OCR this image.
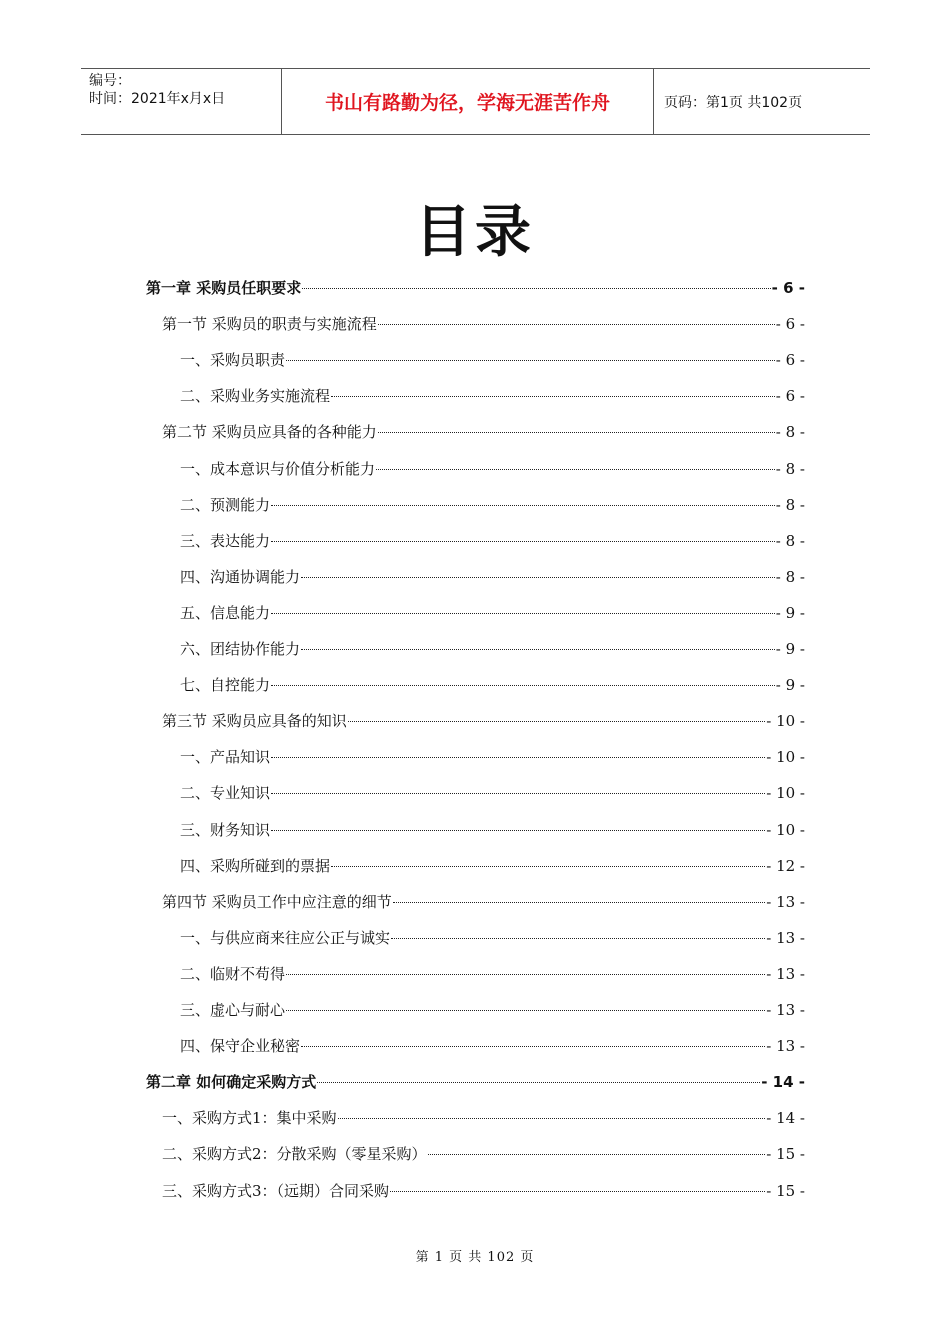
编号：
时间：2021年x月x日	书山有路勤为径，学海无涯苦作舟	页码：第1页 共102页
目录
第一章 采购员任职要求	- 6 -
第一节 采购员的职责与实施流程	- 6 -
一、采购员职责	- 6 -
二、采购业务实施流程	- 6 -
第二节 采购员应具备的各种能力	- 8 -
一、成本意识与价值分析能力	- 8 -
二、预测能力	- 8 -
三、表达能力	- 8 -
四、沟通协调能力	- 8 -
五、信息能力	- 9 -
六、团结协作能力	- 9 -
七、自控能力	- 9 -
第三节 采购员应具备的知识	- 10 -
一、产品知识	- 10 -
二、专业知识	- 10 -
三、财务知识	- 10 -
四、采购所碰到的票据	- 12 -
第四节 采购员工作中应注意的细节	- 13 -
一、与供应商来往应公正与诚实	- 13 -
二、临财不苟得	- 13 -
三、虚心与耐心	- 13 -
四、保守企业秘密	- 13 -
第二章 如何确定采购方式	- 14 -
一、采购方式1：集中采购	- 14 -
二、采购方式2：分散采购（零星采购）	- 15 -
三、采购方式3：（远期）合同采购	- 15 -
第 1 页 共 102 页
